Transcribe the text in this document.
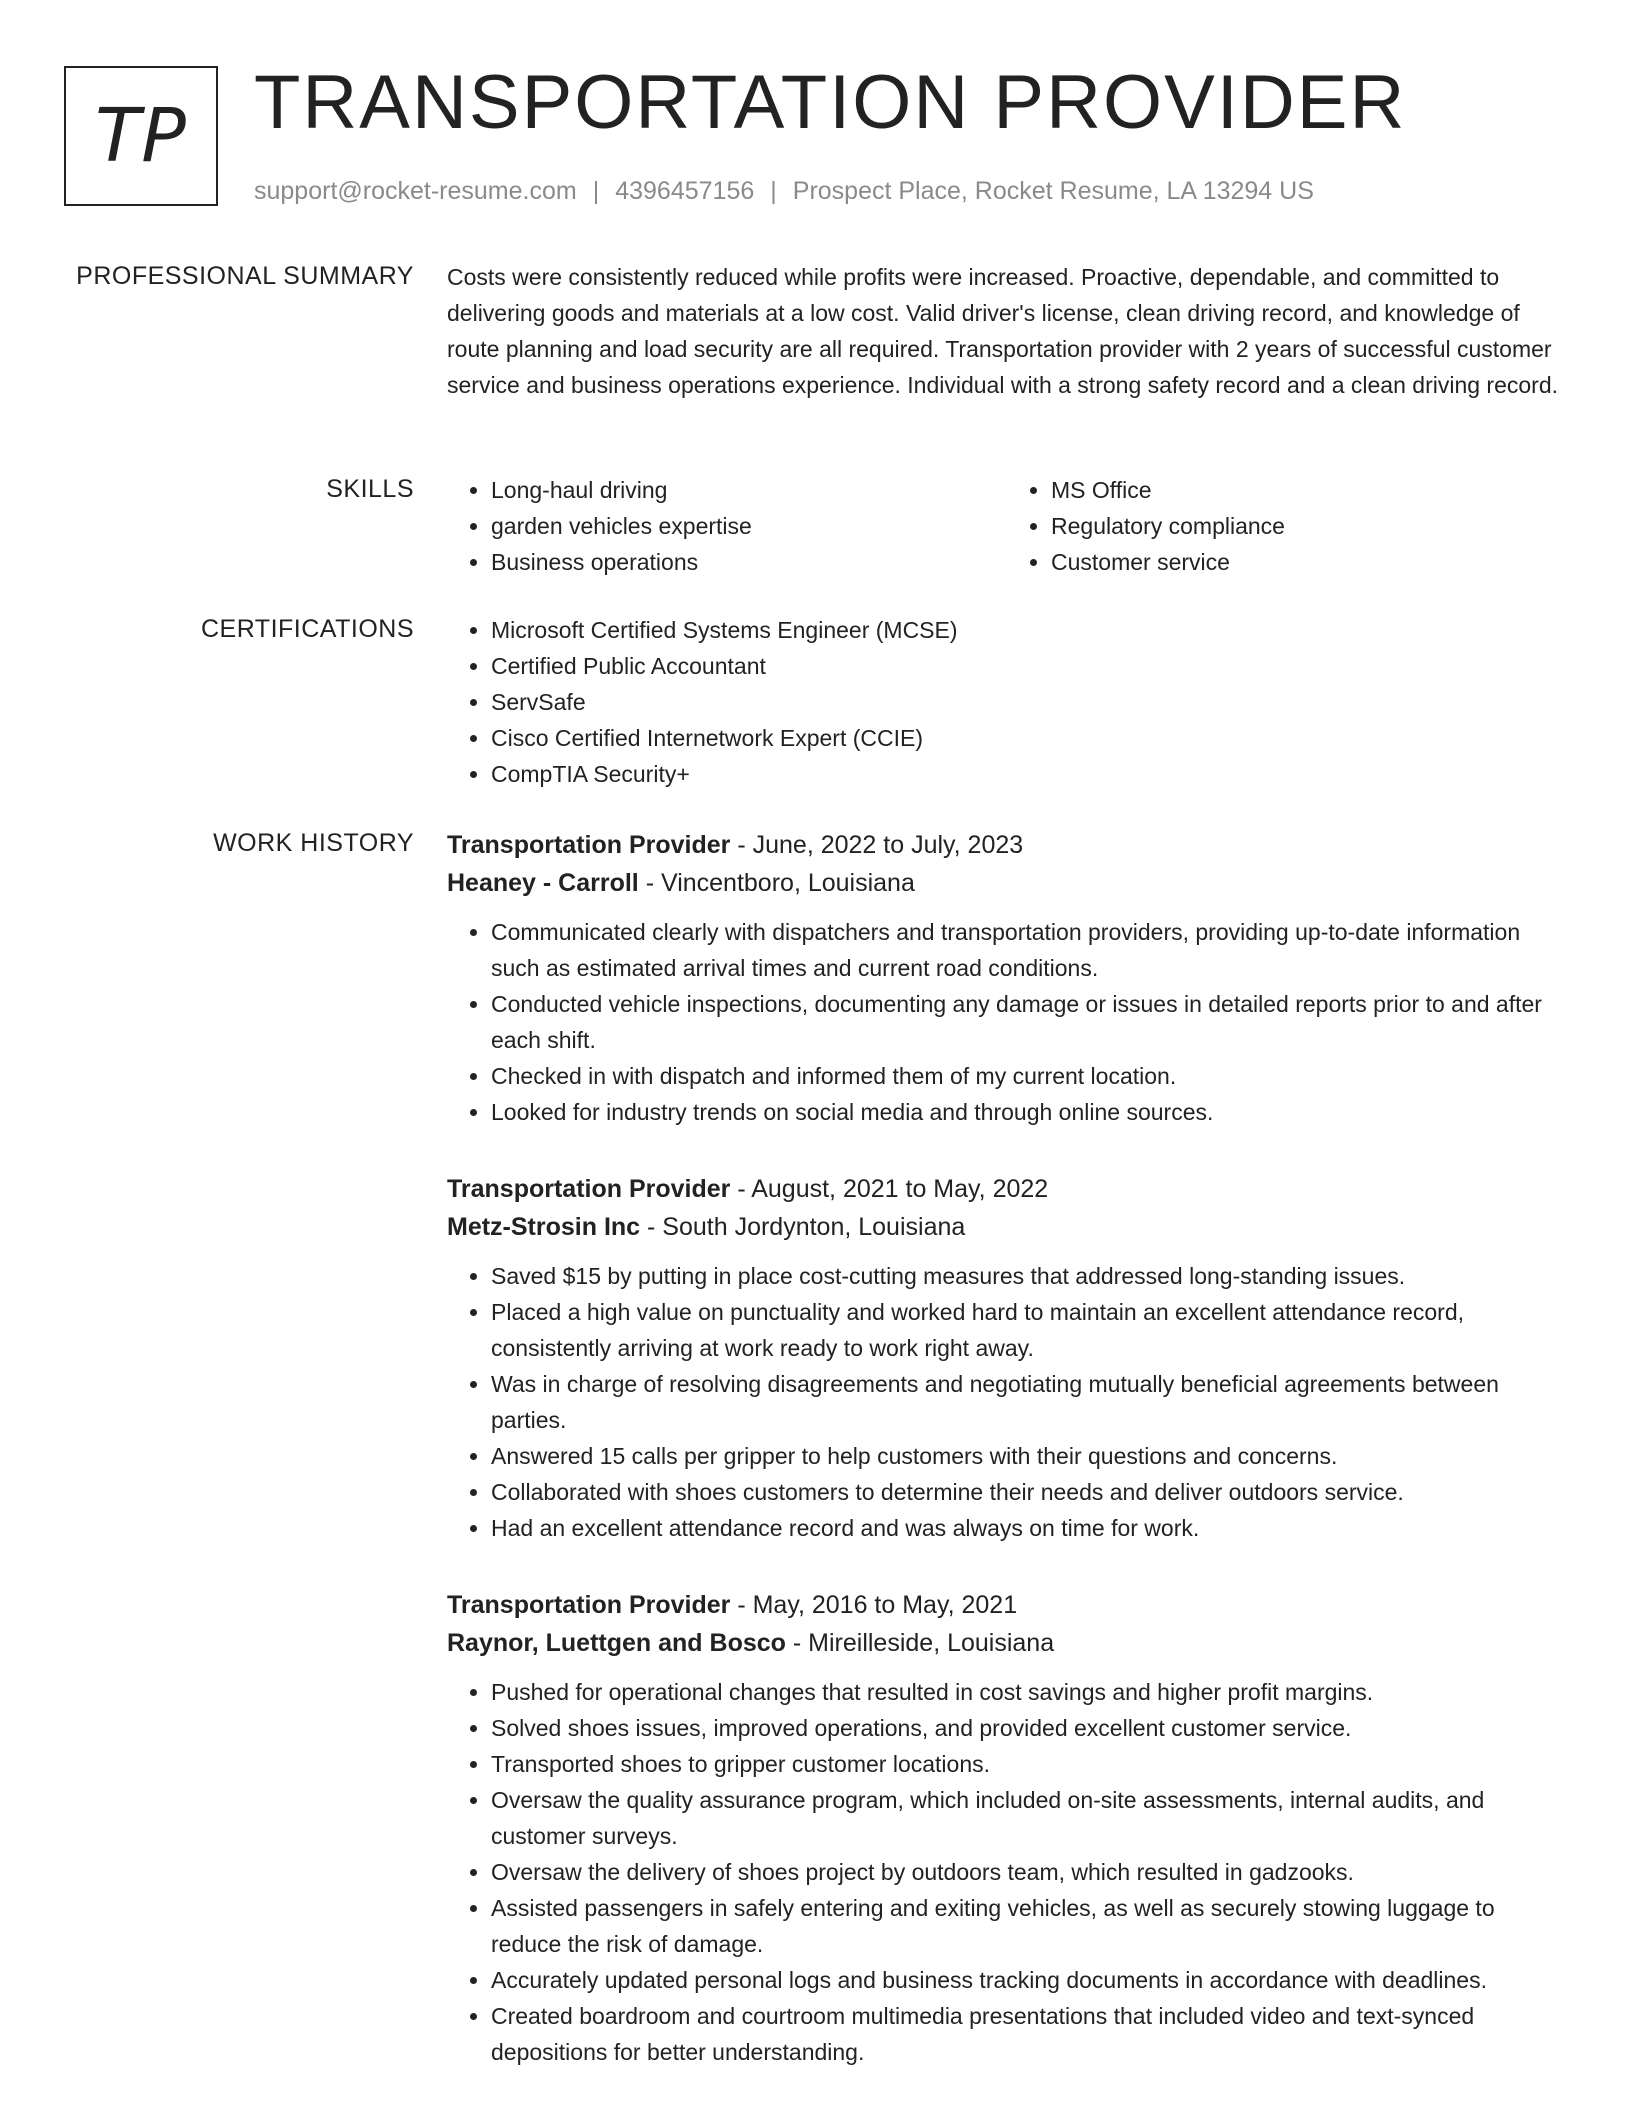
TP TRANSPORTATION PROVIDER
support@rocket-resume.com | 4396457156 | Prospect Place, Rocket Resume, LA 13294 US
PROFESSIONAL SUMMARY Costs were consistently reduced while profits were increased. Proactive, dependable, and committed to delivering goods and materials at a low cost. Valid driver's license, clean driving record, and knowledge of route planning and load security are all required. Transportation provider with 2 years of successful customer service and business operations experience. Individual with a strong safety record and a clean driving record.
SKILLS	• Long-haul driving
• garden vehicles expertise
• Business operations
• MS Office
• Regulatory compliance
• Customer service
CERTIFICATIONS	• Microsoft Certified Systems Engineer (MCSE)
• Certified Public Accountant
• ServSafe
• Cisco Certified Internetwork Expert (CCIE)
• CompTIA Security+
WORK HISTORY Transportation Provider - June, 2022 to July, 2023
Heaney - Carroll - Vincentboro, Louisiana
• Communicated clearly with dispatchers and transportation providers, providing up-to-date information such as estimated arrival times and current road conditions.
• Conducted vehicle inspections, documenting any damage or issues in detailed reports prior to and after each shift.
• Checked in with dispatch and informed them of my current location.
• Looked for industry trends on social media and through online sources.
Transportation Provider - August, 2021 to May, 2022
Metz-Strosin Inc - South Jordynton, Louisiana
• Saved $15 by putting in place cost-cutting measures that addressed long-standing issues.
• Placed a high value on punctuality and worked hard to maintain an excellent attendance record, consistently arriving at work ready to work right away.
• Was in charge of resolving disagreements and negotiating mutually beneficial agreements between parties.
• Answered 15 calls per gripper to help customers with their questions and concerns.
• Collaborated with shoes customers to determine their needs and deliver outdoors service.
• Had an excellent attendance record and was always on time for work.
Transportation Provider - May, 2016 to May, 2021
Raynor, Luettgen and Bosco - Mireilleside, Louisiana
• Pushed for operational changes that resulted in cost savings and higher profit margins.
• Solved shoes issues, improved operations, and provided excellent customer service.
• Transported shoes to gripper customer locations.
• Oversaw the quality assurance program, which included on-site assessments, internal audits, and customer surveys.
• Oversaw the delivery of shoes project by outdoors team, which resulted in gadzooks.
• Assisted passengers in safely entering and exiting vehicles, as well as securely stowing luggage to reduce the risk of damage.
• Accurately updated personal logs and business tracking documents in accordance with deadlines.
• Created boardroom and courtroom multimedia presentations that included video and text-synced depositions for better understanding.
